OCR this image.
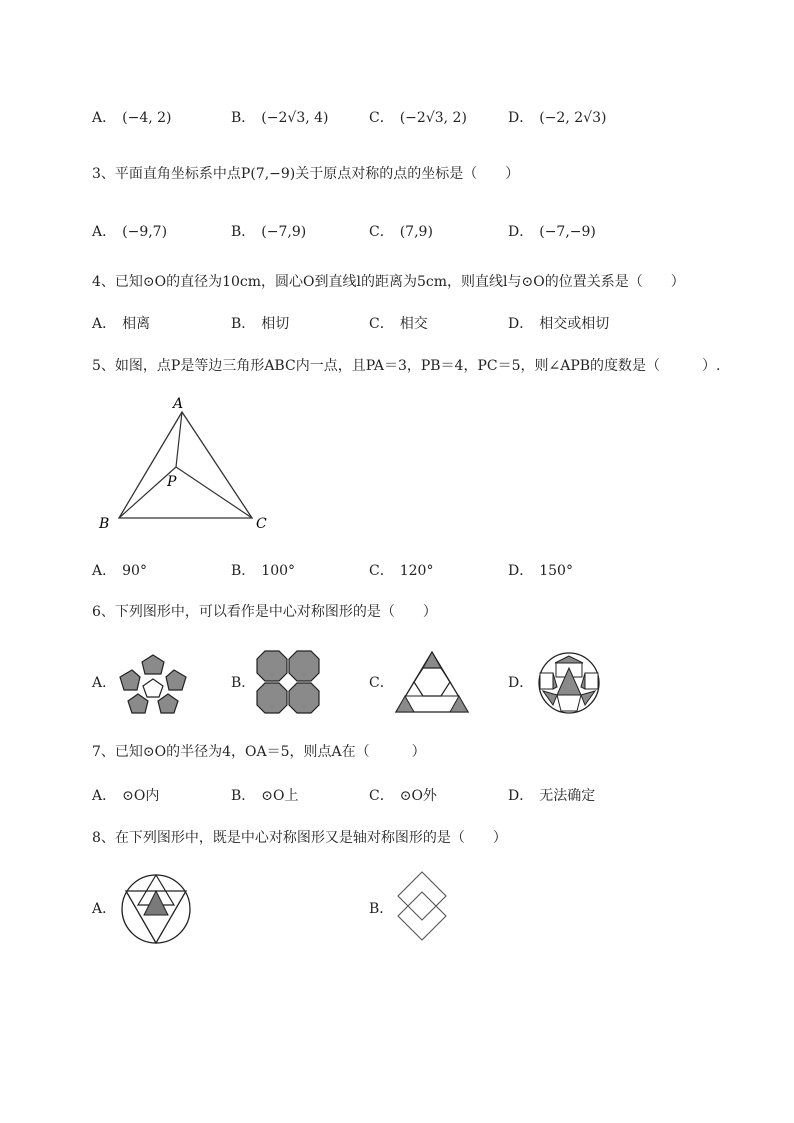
A． (−4, 2)	B． (−2√3, 4)	C． (−2√3, 2)	D． (−2, 2√3)
3、平面直角坐标系中点P(7,−9)关于原点对称的点的坐标是（　　）
A． (−9,7)	B． (−7,9)	C． (7,9)	D． (−7,−9)
4、已知⊙O的直径为10cm，圆心O到直线l的距离为5cm，则直线l与⊙O的位置关系是（　　）
A． 相离	B． 相切	C． 相交	D． 相交或相切
5、如图，点P是等边三角形ABC内一点，且PA＝3，PB＝4，PC＝5，则∠APB的度数是（　　　）.
A
B	C
P
A． 90°	B． 100°	C． 120°	D． 150°
6、下列图形中，可以看作是中心对称图形的是（　　）
A．	B．	C．	D．
7、已知⊙O的半径为4，OA＝5，则点A在（　　　）
A． ⊙O内	B． ⊙O上	C． ⊙O外	D． 无法确定
8、在下列图形中，既是中心对称图形又是轴对称图形的是（　　）
A．	B．
